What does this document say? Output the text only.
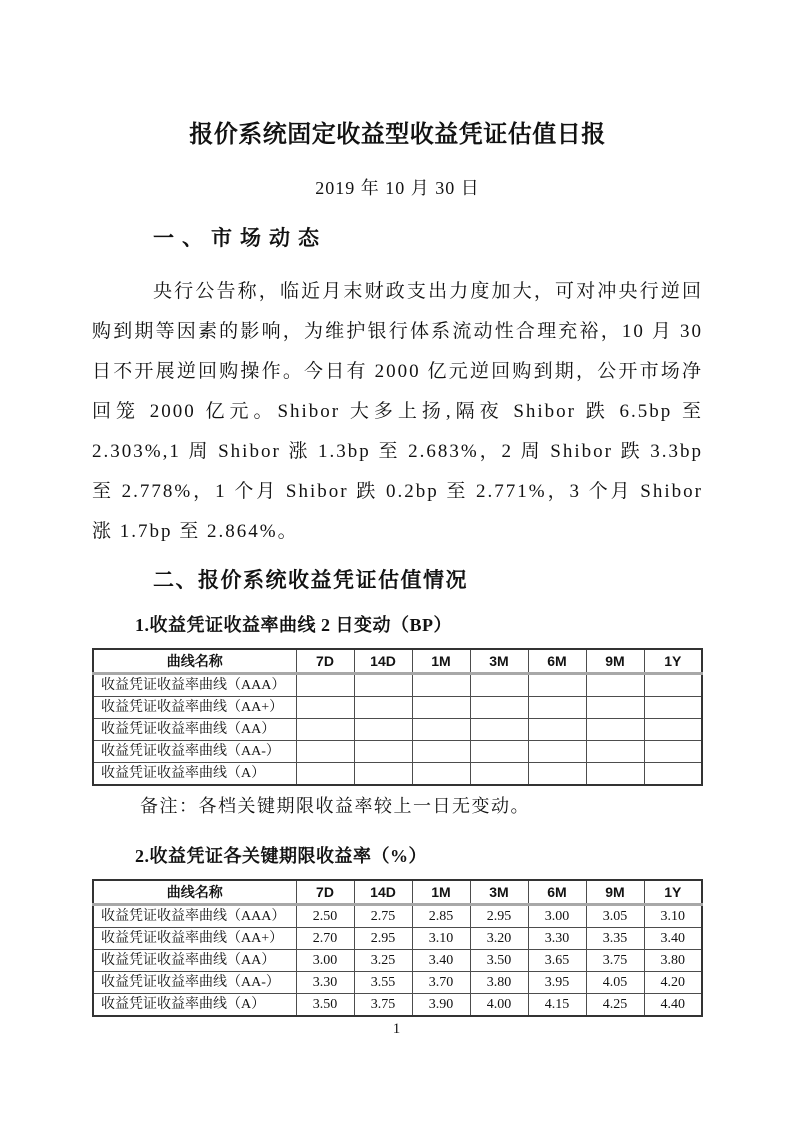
报价系统固定收益型收益凭证估值日报
2019 年 10 月 30 日
一、市场动态

央行公告称，临近月末财政支出力度加大，可对冲央行逆回购到期等因素的影响，为维护银行体系流动性合理充裕，10 月 30 日不开展逆回购操作。今日有 2000 亿元逆回购到期，公开市场净回笼 2000 亿元。Shibor 大多上扬,隔夜 Shibor 跌 6.5bp 至 2.303%,1 周 Shibor 涨 1.3bp 至 2.683%，2 周 Shibor 跌 3.3bp 至 2.778%，1 个月 Shibor 跌 0.2bp 至 2.771%，3 个月 Shibor 涨 1.7bp 至 2.864%。

二、报价系统收益凭证估值情况
1.收益凭证收益率曲线 2 日变动（BP）
曲线名称	7D	14D	1M	3M	6M	9M	1Y
收益凭证收益率曲线（AAA）							
收益凭证收益率曲线（AA+）							
收益凭证收益率曲线（AA）							
收益凭证收益率曲线（AA-）							
收益凭证收益率曲线（A）							

备注：各档关键期限收益率较上一日无变动。

2.收益凭证各关键期限收益率（%）
曲线名称	7D	14D	1M	3M	6M	9M	1Y
收益凭证收益率曲线（AAA）	2.50	2.75	2.85	2.95	3.00	3.05	3.10
收益凭证收益率曲线（AA+）	2.70	2.95	3.10	3.20	3.30	3.35	3.40
收益凭证收益率曲线（AA）	3.00	3.25	3.40	3.50	3.65	3.75	3.80
收益凭证收益率曲线（AA-）	3.30	3.55	3.70	3.80	3.95	4.05	4.20
收益凭证收益率曲线（A）	3.50	3.75	3.90	4.00	4.15	4.25	4.40
1
